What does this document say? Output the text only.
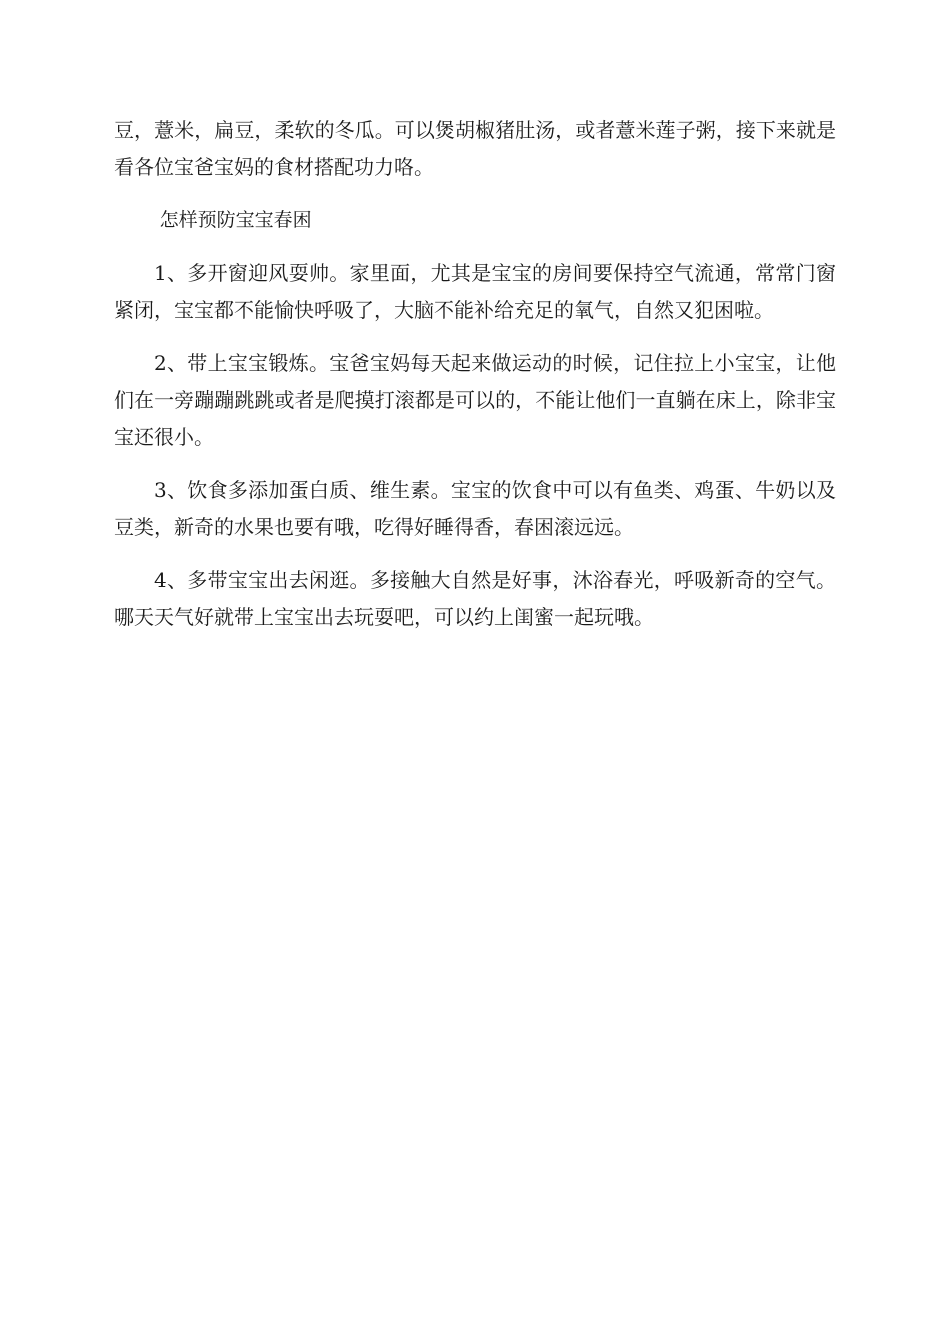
豆，薏米，扁豆，柔软的冬瓜。可以煲胡椒猪肚汤，或者薏米莲子粥，接下来就是看各位宝爸宝妈的食材搭配功力咯。

怎样预防宝宝春困

1、多开窗迎风耍帅。家里面，尤其是宝宝的房间要保持空气流通，常常门窗紧闭，宝宝都不能愉快呼吸了，大脑不能补给充足的氧气，自然又犯困啦。

2、带上宝宝锻炼。宝爸宝妈每天起来做运动的时候，记住拉上小宝宝，让他们在一旁蹦蹦跳跳或者是爬摸打滚都是可以的，不能让他们一直躺在床上，除非宝宝还很小。

3、饮食多添加蛋白质、维生素。宝宝的饮食中可以有鱼类、鸡蛋、牛奶以及豆类，新奇的水果也要有哦，吃得好睡得香，春困滚远远。

4、多带宝宝出去闲逛。多接触大自然是好事，沐浴春光，呼吸新奇的空气。哪天天气好就带上宝宝出去玩耍吧，可以约上闺蜜一起玩哦。
